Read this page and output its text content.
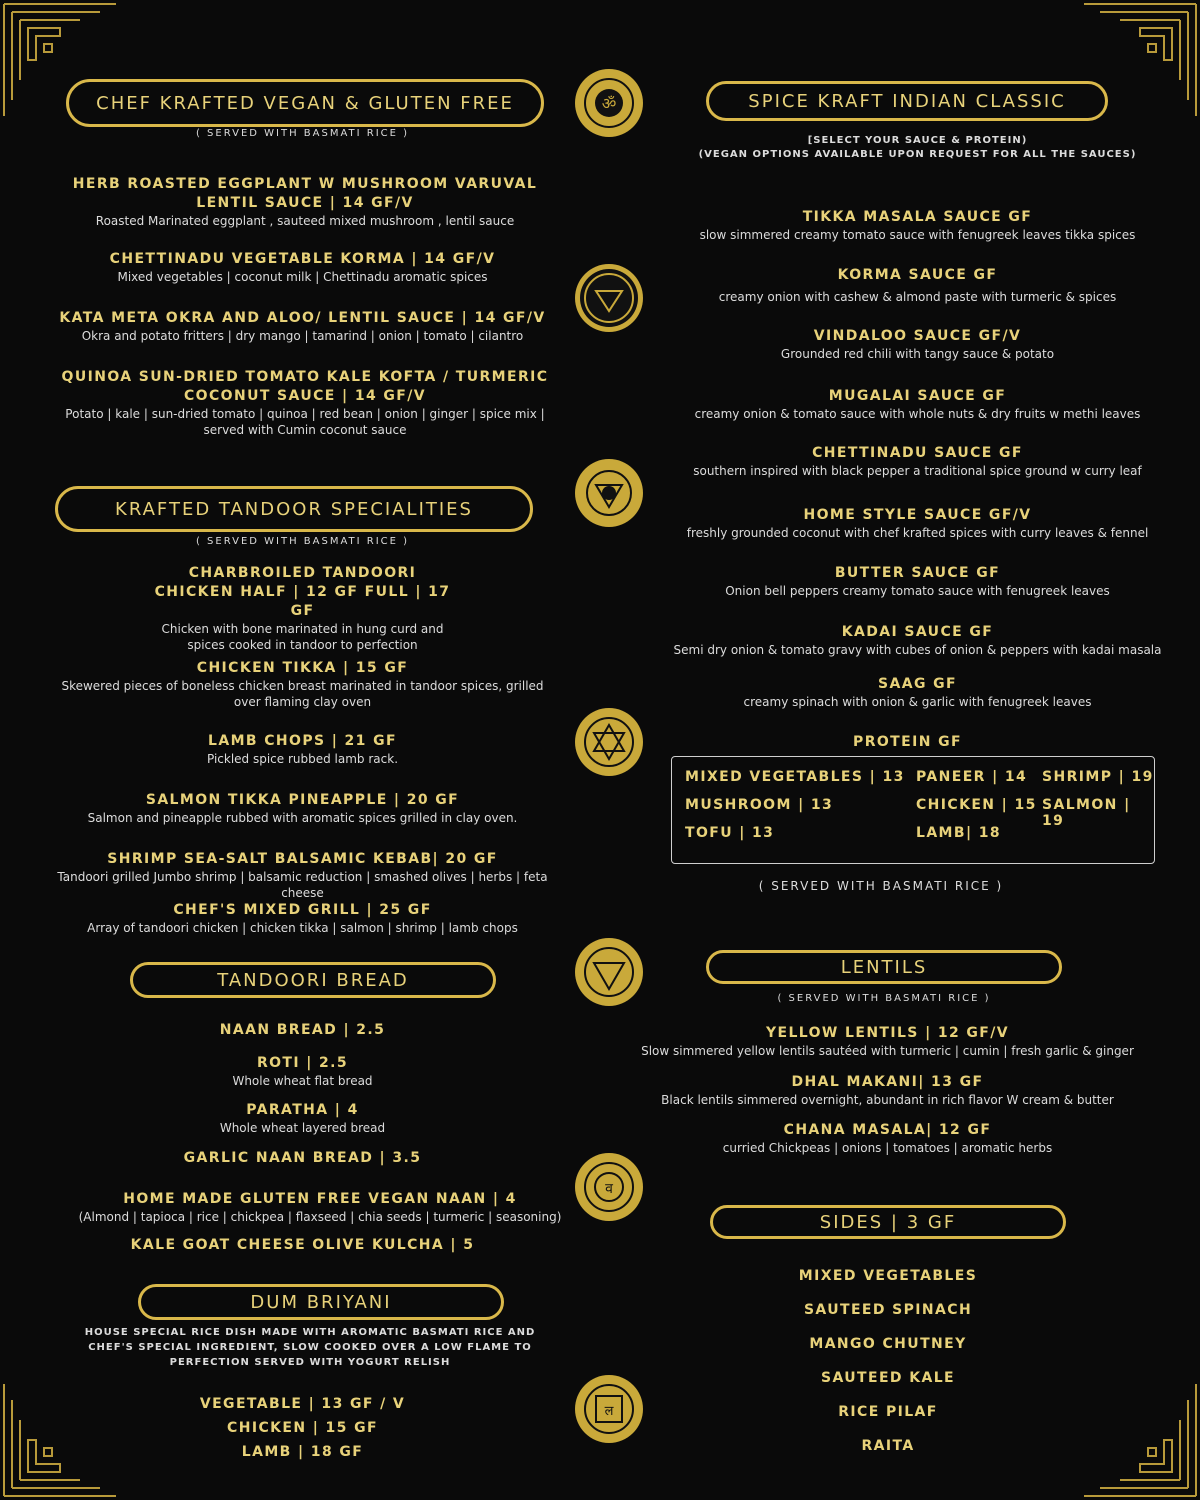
ॐ
व
ल
CHEF KRAFTED VEGAN & GLUTEN FREE
( SERVED WITH BASMATI RICE )
HERB ROASTED EGGPLANT W MUSHROOM VARUVAL LENTIL SAUCE | 14 GF/V
Roasted Marinated eggplant , sauteed mixed mushroom , lentil sauce
CHETTINADU VEGETABLE KORMA | 14 GF/V
Mixed vegetables | coconut milk | Chettinadu aromatic spices
KATA META OKRA AND ALOO/ LENTIL SAUCE | 14 GF/V
Okra and potato fritters | dry mango | tamarind | onion | tomato | cilantro
QUINOA SUN-DRIED TOMATO KALE KOFTA / TURMERIC COCONUT SAUCE | 14 GF/V
Potato | kale | sun-dried tomato | quinoa | red bean | onion | ginger | spice mix | served with Cumin coconut sauce
KRAFTED TANDOOR SPECIALITIES
( SERVED WITH BASMATI RICE )
CHARBROILED TANDOORI CHICKEN HALF | 12 GF FULL | 17 GF
Chicken with bone marinated in hung curd and spices cooked in tandoor to perfection
CHICKEN TIKKA | 15 GF
Skewered pieces of boneless chicken breast marinated in tandoor spices, grilled over flaming clay oven
LAMB CHOPS | 21 GF
Pickled spice rubbed lamb rack.
SALMON TIKKA PINEAPPLE | 20 GF
Salmon and pineapple rubbed with aromatic spices grilled in clay oven.
SHRIMP SEA-SALT BALSAMIC KEBAB| 20 GF
Tandoori grilled Jumbo shrimp | balsamic reduction | smashed olives | herbs | feta cheese
CHEF'S MIXED GRILL | 25 GF
Array of tandoori chicken | chicken tikka | salmon | shrimp | lamb chops
TANDOORI BREAD
NAAN BREAD | 2.5
ROTI | 2.5
Whole wheat flat bread
PARATHA | 4
Whole wheat layered bread
GARLIC NAAN BREAD | 3.5
HOME MADE GLUTEN FREE VEGAN NAAN | 4
(Almond | tapioca | rice | chickpea | flaxseed | chia seeds | turmeric | seasoning)
KALE GOAT CHEESE OLIVE KULCHA | 5
DUM BRIYANI
HOUSE SPECIAL RICE DISH MADE WITH AROMATIC BASMATI RICE AND CHEF'S SPECIAL INGREDIENT, SLOW COOKED OVER A LOW FLAME TO PERFECTION SERVED WITH YOGURT RELISH
VEGETABLE | 13 GF / V
CHICKEN | 15 GF
LAMB | 18 GF
SPICE KRAFT INDIAN CLASSIC
[SELECT YOUR SAUCE & PROTEIN)
(VEGAN OPTIONS AVAILABLE UPON REQUEST FOR ALL THE SAUCES)
TIKKA MASALA SAUCE GF
slow simmered creamy tomato sauce with fenugreek leaves tikka spices
KORMA SAUCE GF
creamy onion with cashew & almond paste with turmeric & spices
VINDALOO SAUCE GF/V
Grounded red chili with tangy sauce & potato
MUGALAI SAUCE GF
creamy onion & tomato sauce with whole nuts & dry fruits w methi leaves
CHETTINADU SAUCE GF
southern inspired with black pepper a traditional spice ground w curry leaf
HOME STYLE SAUCE GF/V
freshly grounded coconut with chef krafted spices with curry leaves & fennel
BUTTER SAUCE GF
Onion bell peppers creamy tomato sauce with fenugreek leaves
KADAI SAUCE GF
Semi dry onion & tomato gravy with cubes of onion & peppers with kadai masala
SAAG GF
creamy spinach with onion & garlic with fenugreek leaves
PROTEIN GF
MIXED VEGETABLES | 13 PANEER | 14 SHRIMP | 19
MUSHROOM | 13	CHICKEN | 15 SALMON | 19
TOFU | 13	LAMB| 18
( SERVED WITH BASMATI RICE )
LENTILS
( SERVED WITH BASMATI RICE )
YELLOW LENTILS | 12 GF/V
Slow simmered yellow lentils sautéed with turmeric | cumin | fresh garlic & ginger
DHAL MAKANI| 13 GF
Black lentils simmered overnight, abundant in rich flavor W cream & butter
CHANA MASALA| 12 GF
curried Chickpeas | onions | tomatoes | aromatic herbs
SIDES | 3 GF
MIXED VEGETABLES
SAUTEED SPINACH
MANGO CHUTNEY
SAUTEED KALE
RICE PILAF
RAITA
